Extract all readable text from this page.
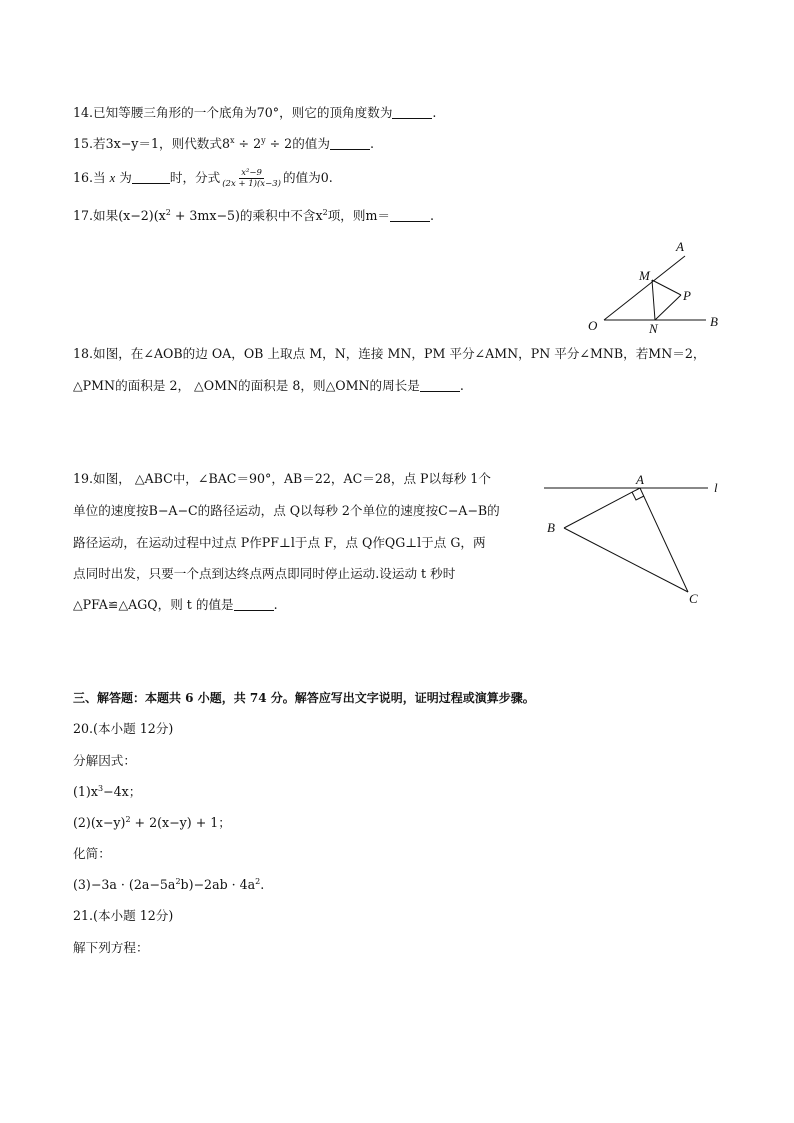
14.已知等腰三角形的一个底角为70°，则它的顶角度数为	.
15.若3x−y＝1，则代数式$8^x \div 2^y \div 2$的值为	.
16.当 x 为	时，分式 $\frac{\text{x²−9}}{(2x + 1)(x-3)}$ 的值为0.
17.如果$(x-2)(x^2 + 3mx-5)$的乘积中不含$x^2$项，则m＝	.
A
M
P
O	N	B
18.如图，在∠AOB的边 OA，OB 上取点 M，N，连接 MN，PM 平分∠AMN，PN 平分∠MNB，若MN＝2，
△PMN的面积是 2， △OMN的面积是 8，则△OMN的周长是	.
19.如图， △ABC中，∠BAC＝90°，AB＝22，AC＝28，点 P以每秒 1个
单位的速度按B−A−C的路径运动，点 Q以每秒 2个单位的速度按C−A−B的
路径运动，在运动过程中过点 P作PF⊥l于点 F，点 Q作QG⊥l于点 G，两
点同时出发，只要一个点到达终点两点即同时停止运动.设运动 t 秒时
△PFA≌△AGQ，则 t 的值是	.
A
l
B
C
三、解答题：本题共 6 小题，共 74 分。解答应写出文字说明，证明过程或演算步骤。
20.(本小题 12分)
分解因式：
$(1)x^3-4x$；
$(2)(x-y)^2 + 2(x-y) + 1$；
化简：
$(3)-3a \cdot (2a-5a^2b)-2ab \cdot 4a^2$.
21.(本小题 12分)
解下列方程：
